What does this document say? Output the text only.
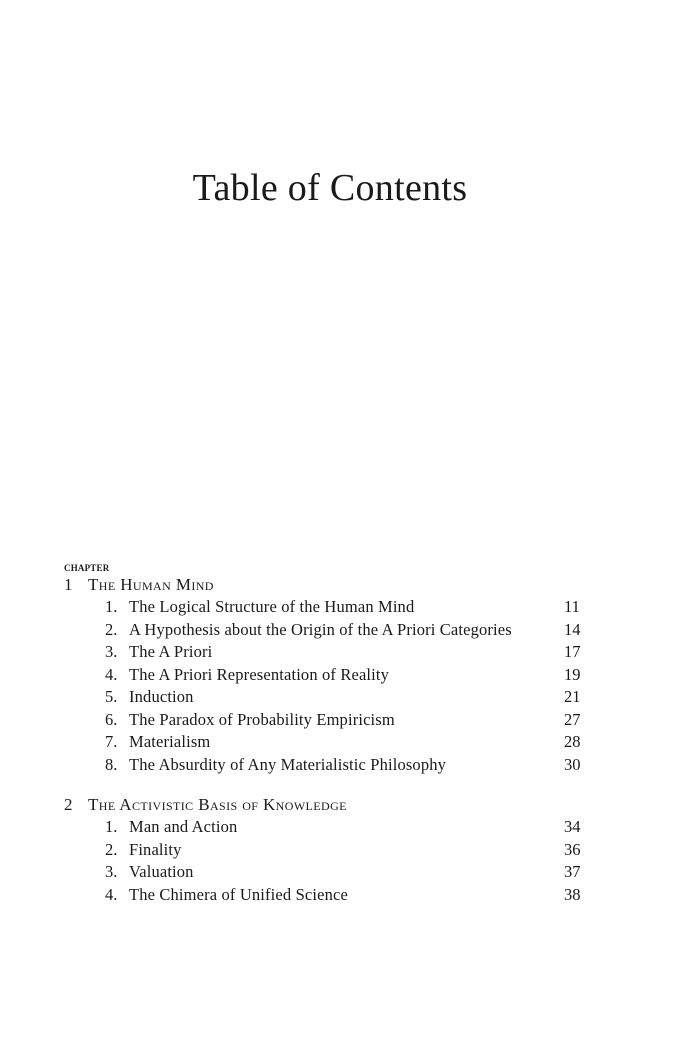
Table of Contents
CHAPTER
1 The Human Mind
1. The Logical Structure of the Human Mind	11
2. A Hypothesis about the Origin of the A Priori Categories	14
3. The A Priori	17
4. The A Priori Representation of Reality	19
5. Induction	21
6. The Paradox of Probability Empiricism	27
7. Materialism	28
8. The Absurdity of Any Materialistic Philosophy	30
2 The Activistic Basis of Knowledge
1. Man and Action	34
2. Finality	36
3. Valuation	37
4. The Chimera of Unified Science	38
